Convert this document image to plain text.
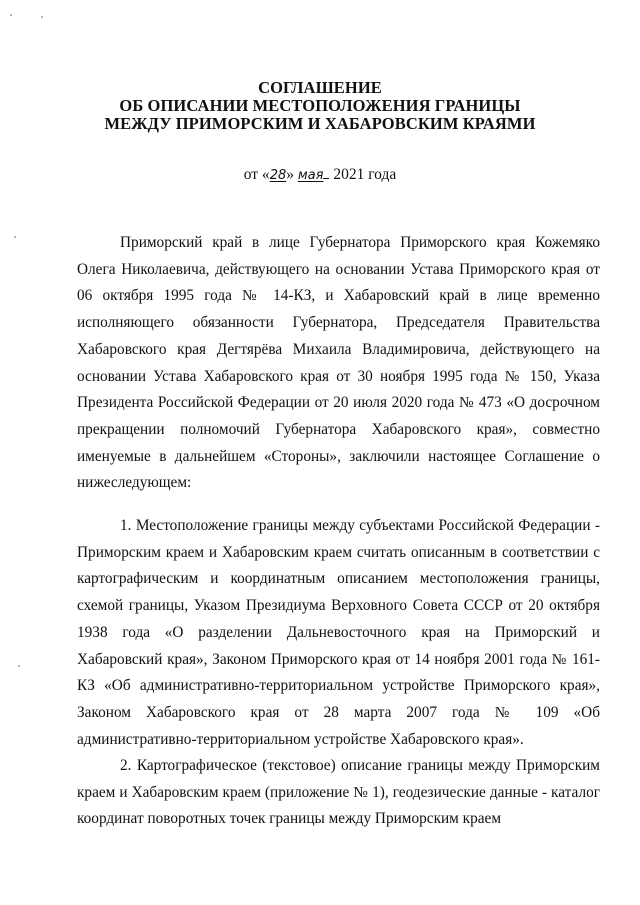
СОГЛАШЕНИЕ
ОБ ОПИСАНИИ МЕСТОПОЛОЖЕНИЯ ГРАНИЦЫ
МЕЖДУ ПРИМОРСКИМ И ХАБАРОВСКИМ КРАЯМИ
от «28» мая 2021 года

Приморский край в лице Губернатора Приморского края Кожемяко Олега Николаевича, действующего на основании Устава Приморского края от 06 октября 1995 года № 14-КЗ, и Хабаровский край в лице временно исполняющего обязанности Губернатора, Председателя Правительства Хабаровского края Дегтярёва Михаила Владимировича, действующего на основании Устава Хабаровского края от 30 ноября 1995 года № 150, Указа Президента Российской Федерации от 20 июля 2020 года № 473 «О досрочном прекращении полномочий Губернатора Хабаровского края», совместно именуемые в дальнейшем «Стороны», заключили настоящее Соглашение о нижеследующем:

1. Местоположение границы между субъектами Российской Федерации - Приморским краем и Хабаровским краем считать описанным в соответствии с картографическим и координатным описанием местоположения границы, схемой границы, Указом Президиума Верховного Совета СССР от 20 октября 1938 года «О разделении Дальневосточного края на Приморский и Хабаровский края», Законом Приморского края от 14 ноября 2001 года № 161-КЗ «Об административно-территориальном устройстве Приморского края», Законом Хабаровского края от 28 марта 2007 года № 109 «Об административно-территориальном устройстве Хабаровского края».

2. Картографическое (текстовое) описание границы между Приморским краем и Хабаровским краем (приложение № 1), геодезические данные - каталог координат поворотных точек границы между Приморским краем
